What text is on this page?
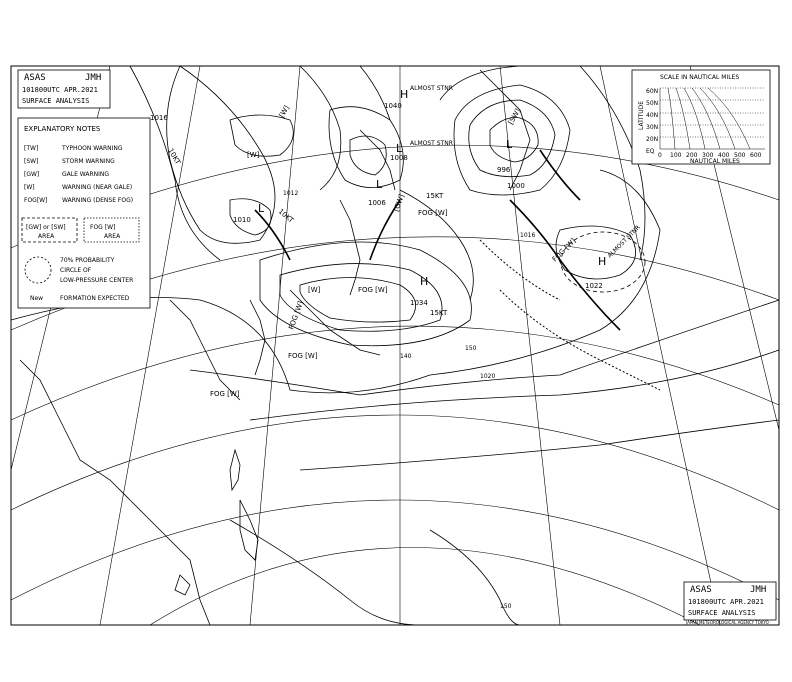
ASAS	JMH
101800UTC APR.2021
SURFACE ANALYSIS
EXPLANATORY NOTES
[TW]	TYPHOON WARNING
[SW]	STORM WARNING
[GW]	GALE WARNING
[W]	WARNING (NEAR GALE)
FOG[W] WARNING (DENSE FOG)
[GW] or [SW]
AREA
FOG [W]
AREA
70% PROBABILITY
CIRCLE OF
LOW-PRESSURE CENTER
New	FORMATION EXPECTED
SCALE IN NAUTICAL MILES
LATITUDE
60N
50N
40N
30N
20N
EQ
0 100 200 300 400 500 600
NAUTICAL MILES
L
1008
L
1006
L
1010
L
996
1000
H
1034
H
1040
H
1022
1016
1020
1016
1012
15KT
15KT
10KT
10KT
ALMOST STNR
ALMOST STNR
ALMOST STNR
FOG [W]
FOG [W]
FOG [W]
FOG [W]
FOG [W]
FOG [W]
[GW]
[SW]
[W]
[W]
[W]
140
150
150
ASAS	JMH
101800UTC APR.2021
SURFACE ANALYSIS
JAPAN METEOROLOGICAL AGENCY TOKYO
